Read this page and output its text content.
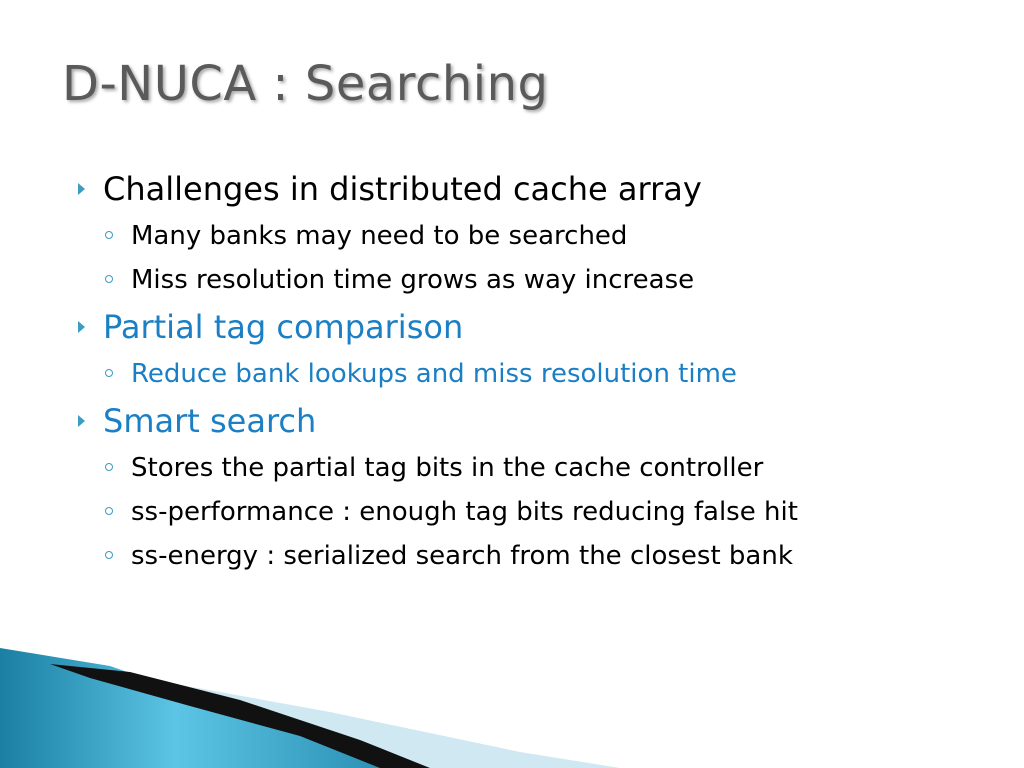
D-NUCA : Searching
Challenges in distributed cache array
Many banks may need to be searched
Miss resolution time grows as way increase
Partial tag comparison
Reduce bank lookups and miss resolution time
Smart search
Stores the partial tag bits in the cache controller
ss-performance : enough tag bits reducing false hit
ss-energy : serialized search from the closest bank
